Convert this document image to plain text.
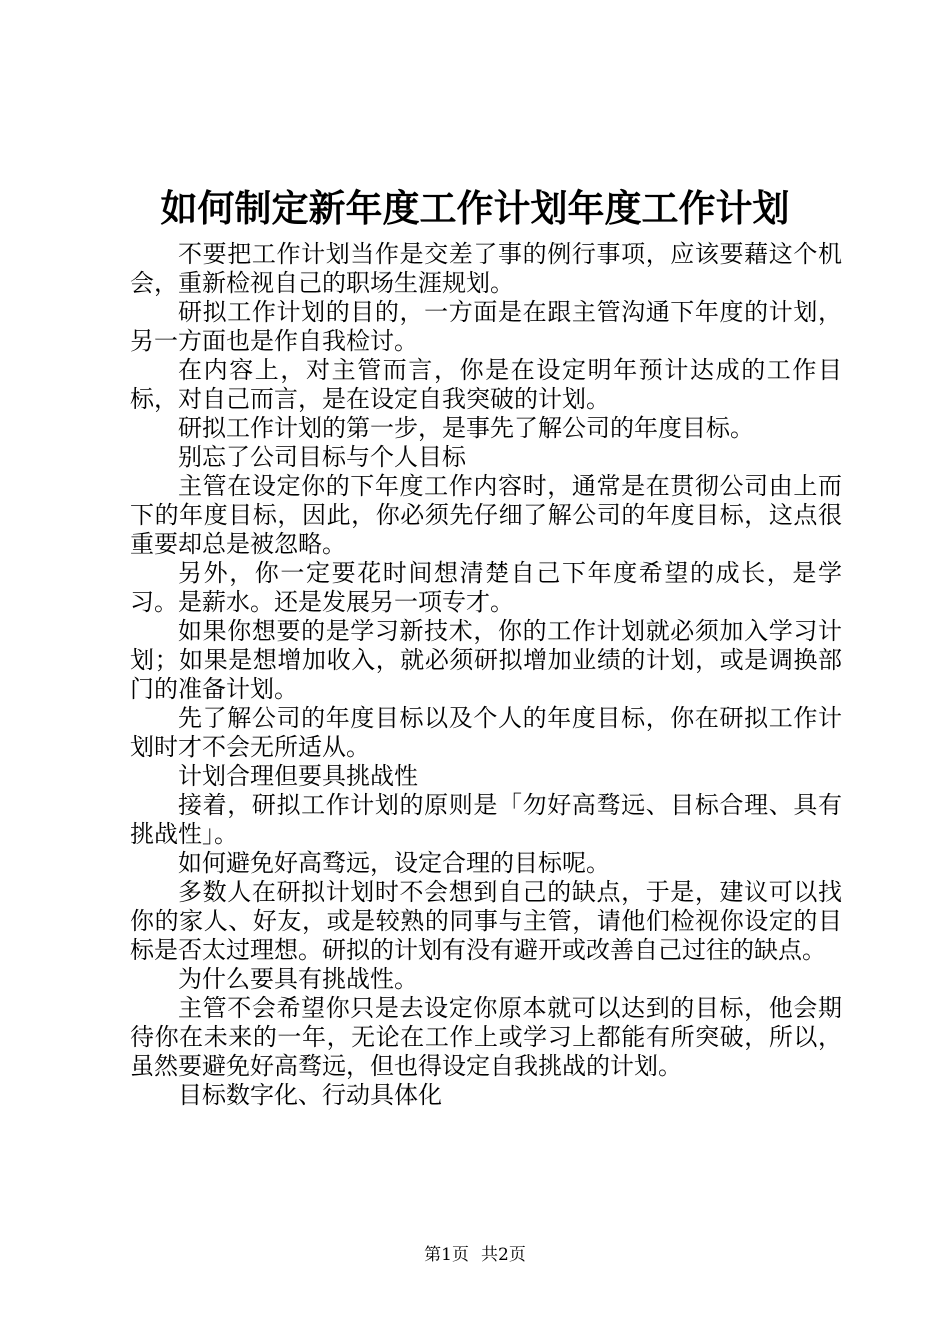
如何制定新年度工作计划年度工作计划

不要把工作计划当作是交差了事的例行事项，应该要藉这个机会，重新检视自己的职场生涯规划。

研拟工作计划的目的，一方面是在跟主管沟通下年度的计划，另一方面也是作自我检讨。

在内容上，对主管而言，你是在设定明年预计达成的工作目标，对自己而言，是在设定自我突破的计划。

研拟工作计划的第一步，是事先了解公司的年度目标。

别忘了公司目标与个人目标

主管在设定你的下年度工作内容时，通常是在贯彻公司由上而下的年度目标，因此，你必须先仔细了解公司的年度目标，这点很重要却总是被忽略。

另外，你一定要花时间想清楚自己下年度希望的成长，是学习。是薪水。还是发展另一项专才。

如果你想要的是学习新技术，你的工作计划就必须加入学习计划；如果是想增加收入，就必须研拟增加业绩的计划，或是调换部门的准备计划。

先了解公司的年度目标以及个人的年度目标，你在研拟工作计划时才不会无所适从。

计划合理但要具挑战性

接着，研拟工作计划的原则是「勿好高骛远、目标合理、具有挑战性」。

如何避免好高骛远，设定合理的目标呢。

多数人在研拟计划时不会想到自己的缺点，于是，建议可以找你的家人、好友，或是较熟的同事与主管，请他们检视你设定的目标是否太过理想。研拟的计划有没有避开或改善自己过往的缺点。

为什么要具有挑战性。

主管不会希望你只是去设定你原本就可以达到的目标，他会期待你在未来的一年，无论在工作上或学习上都能有所突破，所以，虽然要避免好高骛远，但也得设定自我挑战的计划。

目标数字化、行动具体化

第1页 共2页
